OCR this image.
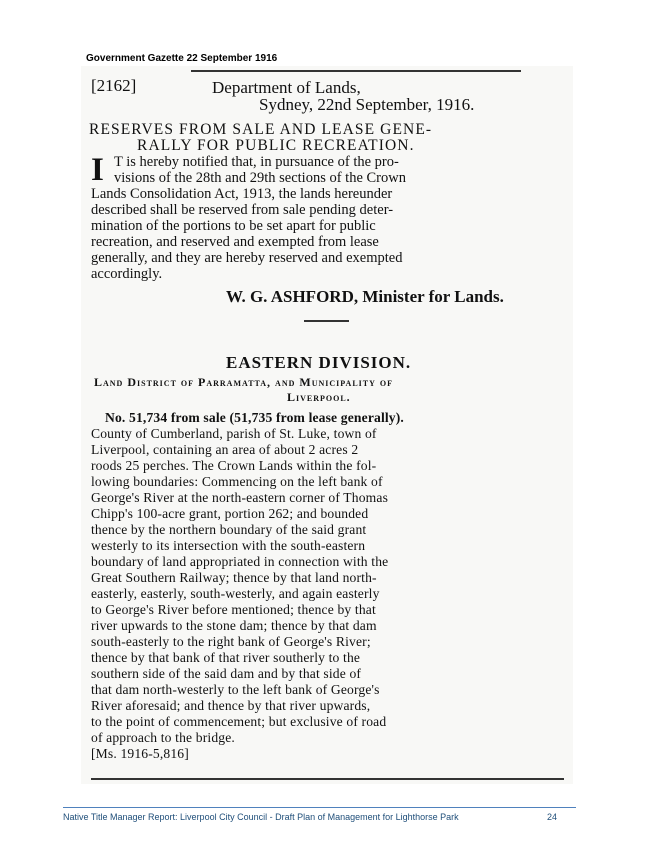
Government Gazette 22 September 1916
[2162]	Department of Lands,
Sydney, 22nd September, 1916.
RESERVES FROM SALE AND LEASE GENE-
RALLY FOR PUBLIC RECREATION.
I T is hereby notified that, in pursuance of the pro-
visions of the 28th and 29th sections of the Crown
Lands Consolidation Act, 1913, the lands hereunder
described shall be reserved from sale pending deter-
mination of the portions to be set apart for public
recreation, and reserved and exempted from lease
generally, and they are hereby reserved and exempted
accordingly.
W. G. ASHFORD, Minister for Lands.
EASTERN DIVISION.
Land District of Parramatta, and Municipality of
Liverpool.
No. 51,734 from sale (51,735 from lease generally).
County of Cumberland, parish of St. Luke, town of
Liverpool, containing an area of about 2 acres 2
roods 25 perches. The Crown Lands within the fol-
lowing boundaries: Commencing on the left bank of
George's River at the north-eastern corner of Thomas
Chipp's 100-acre grant, portion 262; and bounded
thence by the northern boundary of the said grant
westerly to its intersection with the south-eastern
boundary of land appropriated in connection with the
Great Southern Railway; thence by that land north-
easterly, easterly, south-westerly, and again easterly
to George's River before mentioned; thence by that
river upwards to the stone dam; thence by that dam
south-easterly to the right bank of George's River;
thence by that bank of that river southerly to the
southern side of the said dam and by that side of
that dam north-westerly to the left bank of George's
River aforesaid; and thence by that river upwards,
to the point of commencement; but exclusive of road
of approach to the bridge.
[Ms. 1916-5,816]
Native Title Manager Report: Liverpool City Council - Draft Plan of Management for Lighthorse Park	24
